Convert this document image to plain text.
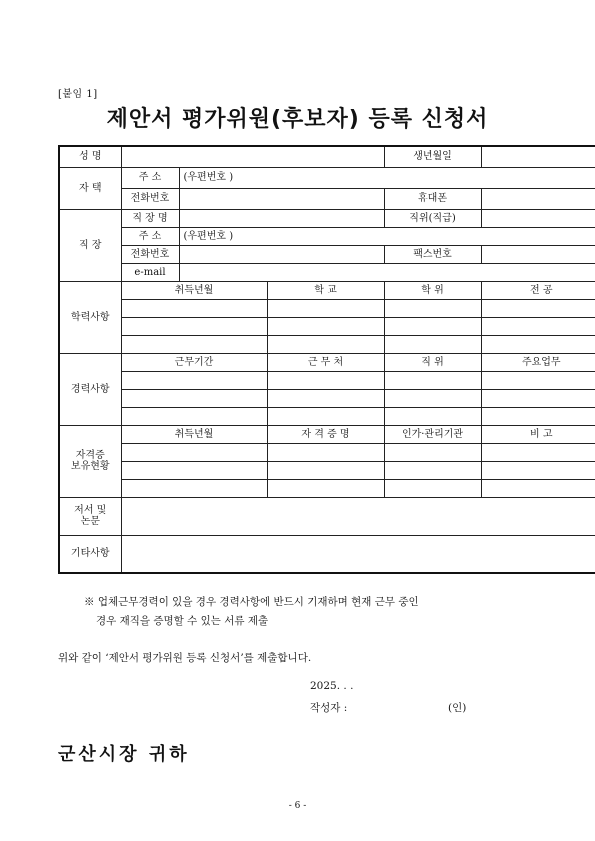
[붙임 1]
제안서 평가위원(후보자) 등록 신청서
성 명				생년월일	
자 택	주 소	(우편번호 )			
	전화번호			휴대폰	
직 장	직 장 명			직위(직급)	
	주 소	(우편번호 )			
	전화번호			팩스번호	
	e-mail				
학력사항	취득년월		학 교	학 위	전 공

경력사항	근무기간		근 무 처	직 위	주요업무

자격증
보유현황	취득년월		자 격 증 명	인가·관리기관	비 고

저서 및
논문					
기타사항					
※ 업체근무경력이 있을 경우 경력사항에 반드시 기재하며 현재 근무 중인
경우 재직을 증명할 수 있는 서류 제출
위와 같이 ‘제안서 평가위원 등록 신청서’를 제출합니다.
2025. . .
작성자 :	(인)
군산시장 귀하
- 6 -
